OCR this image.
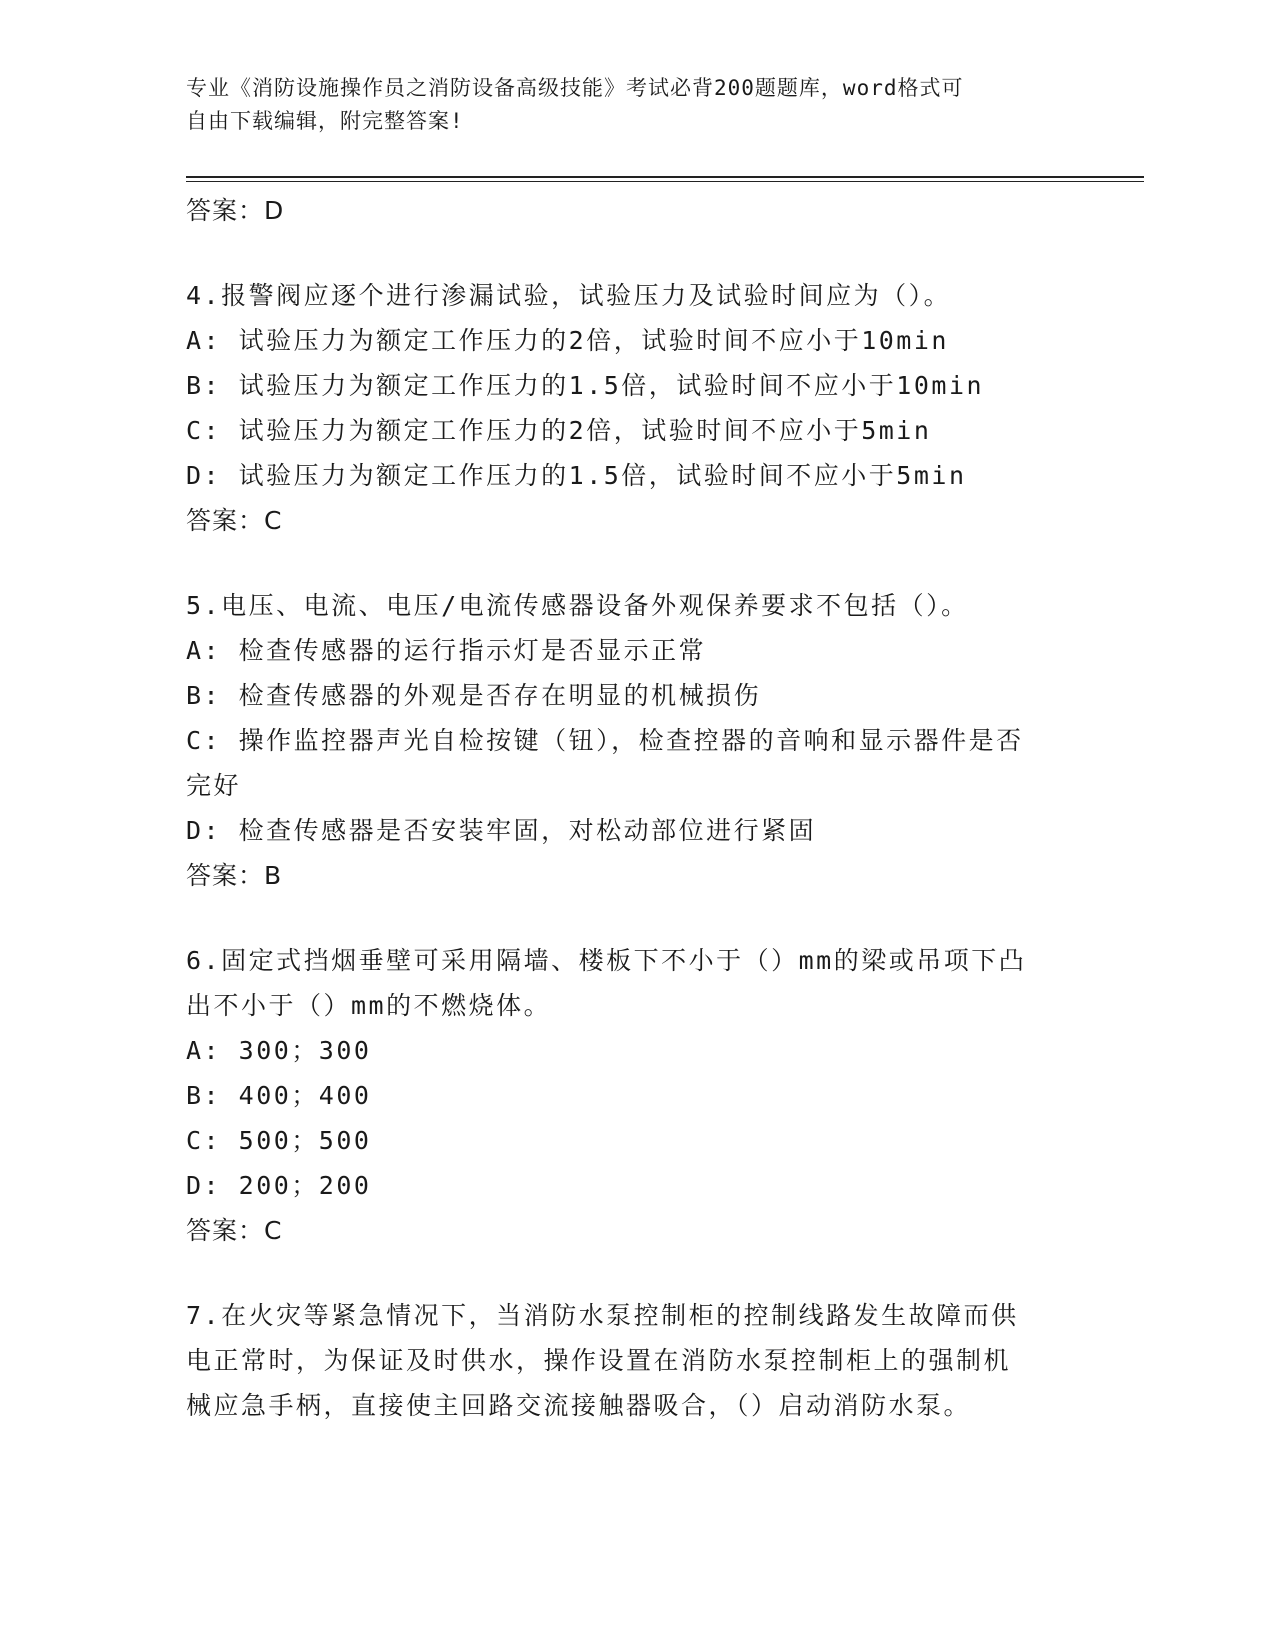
专业《消防设施操作员之消防设备高级技能》考试必背200题题库，word格式可
自由下载编辑，附完整答案!
答案：D
4.报警阀应逐个进行渗漏试验，试验压力及试验时间应为（）。
A: 试验压力为额定工作压力的2倍，试验时间不应小于10min
B: 试验压力为额定工作压力的1.5倍，试验时间不应小于10min
C: 试验压力为额定工作压力的2倍，试验时间不应小于5min
D: 试验压力为额定工作压力的1.5倍，试验时间不应小于5min
答案：C
5.电压、电流、电压/电流传感器设备外观保养要求不包括（）。
A: 检查传感器的运行指示灯是否显示正常
B: 检查传感器的外观是否存在明显的机械损伤
C: 操作监控器声光自检按键（钮），检查控器的音响和显示器件是否
完好
D: 检查传感器是否安装牢固，对松动部位进行紧固
答案：B
6.固定式挡烟垂壁可采用隔墙、楼板下不小于（）mm的梁或吊项下凸
出不小于（）mm的不燃烧体。
A: 300；300
B: 400；400
C: 500；500
D: 200；200
答案：C
7.在火灾等紧急情况下，当消防水泵控制柜的控制线路发生故障而供
电正常时，为保证及时供水，操作设置在消防水泵控制柜上的强制机
械应急手柄，直接使主回路交流接触器吸合，（）启动消防水泵。
